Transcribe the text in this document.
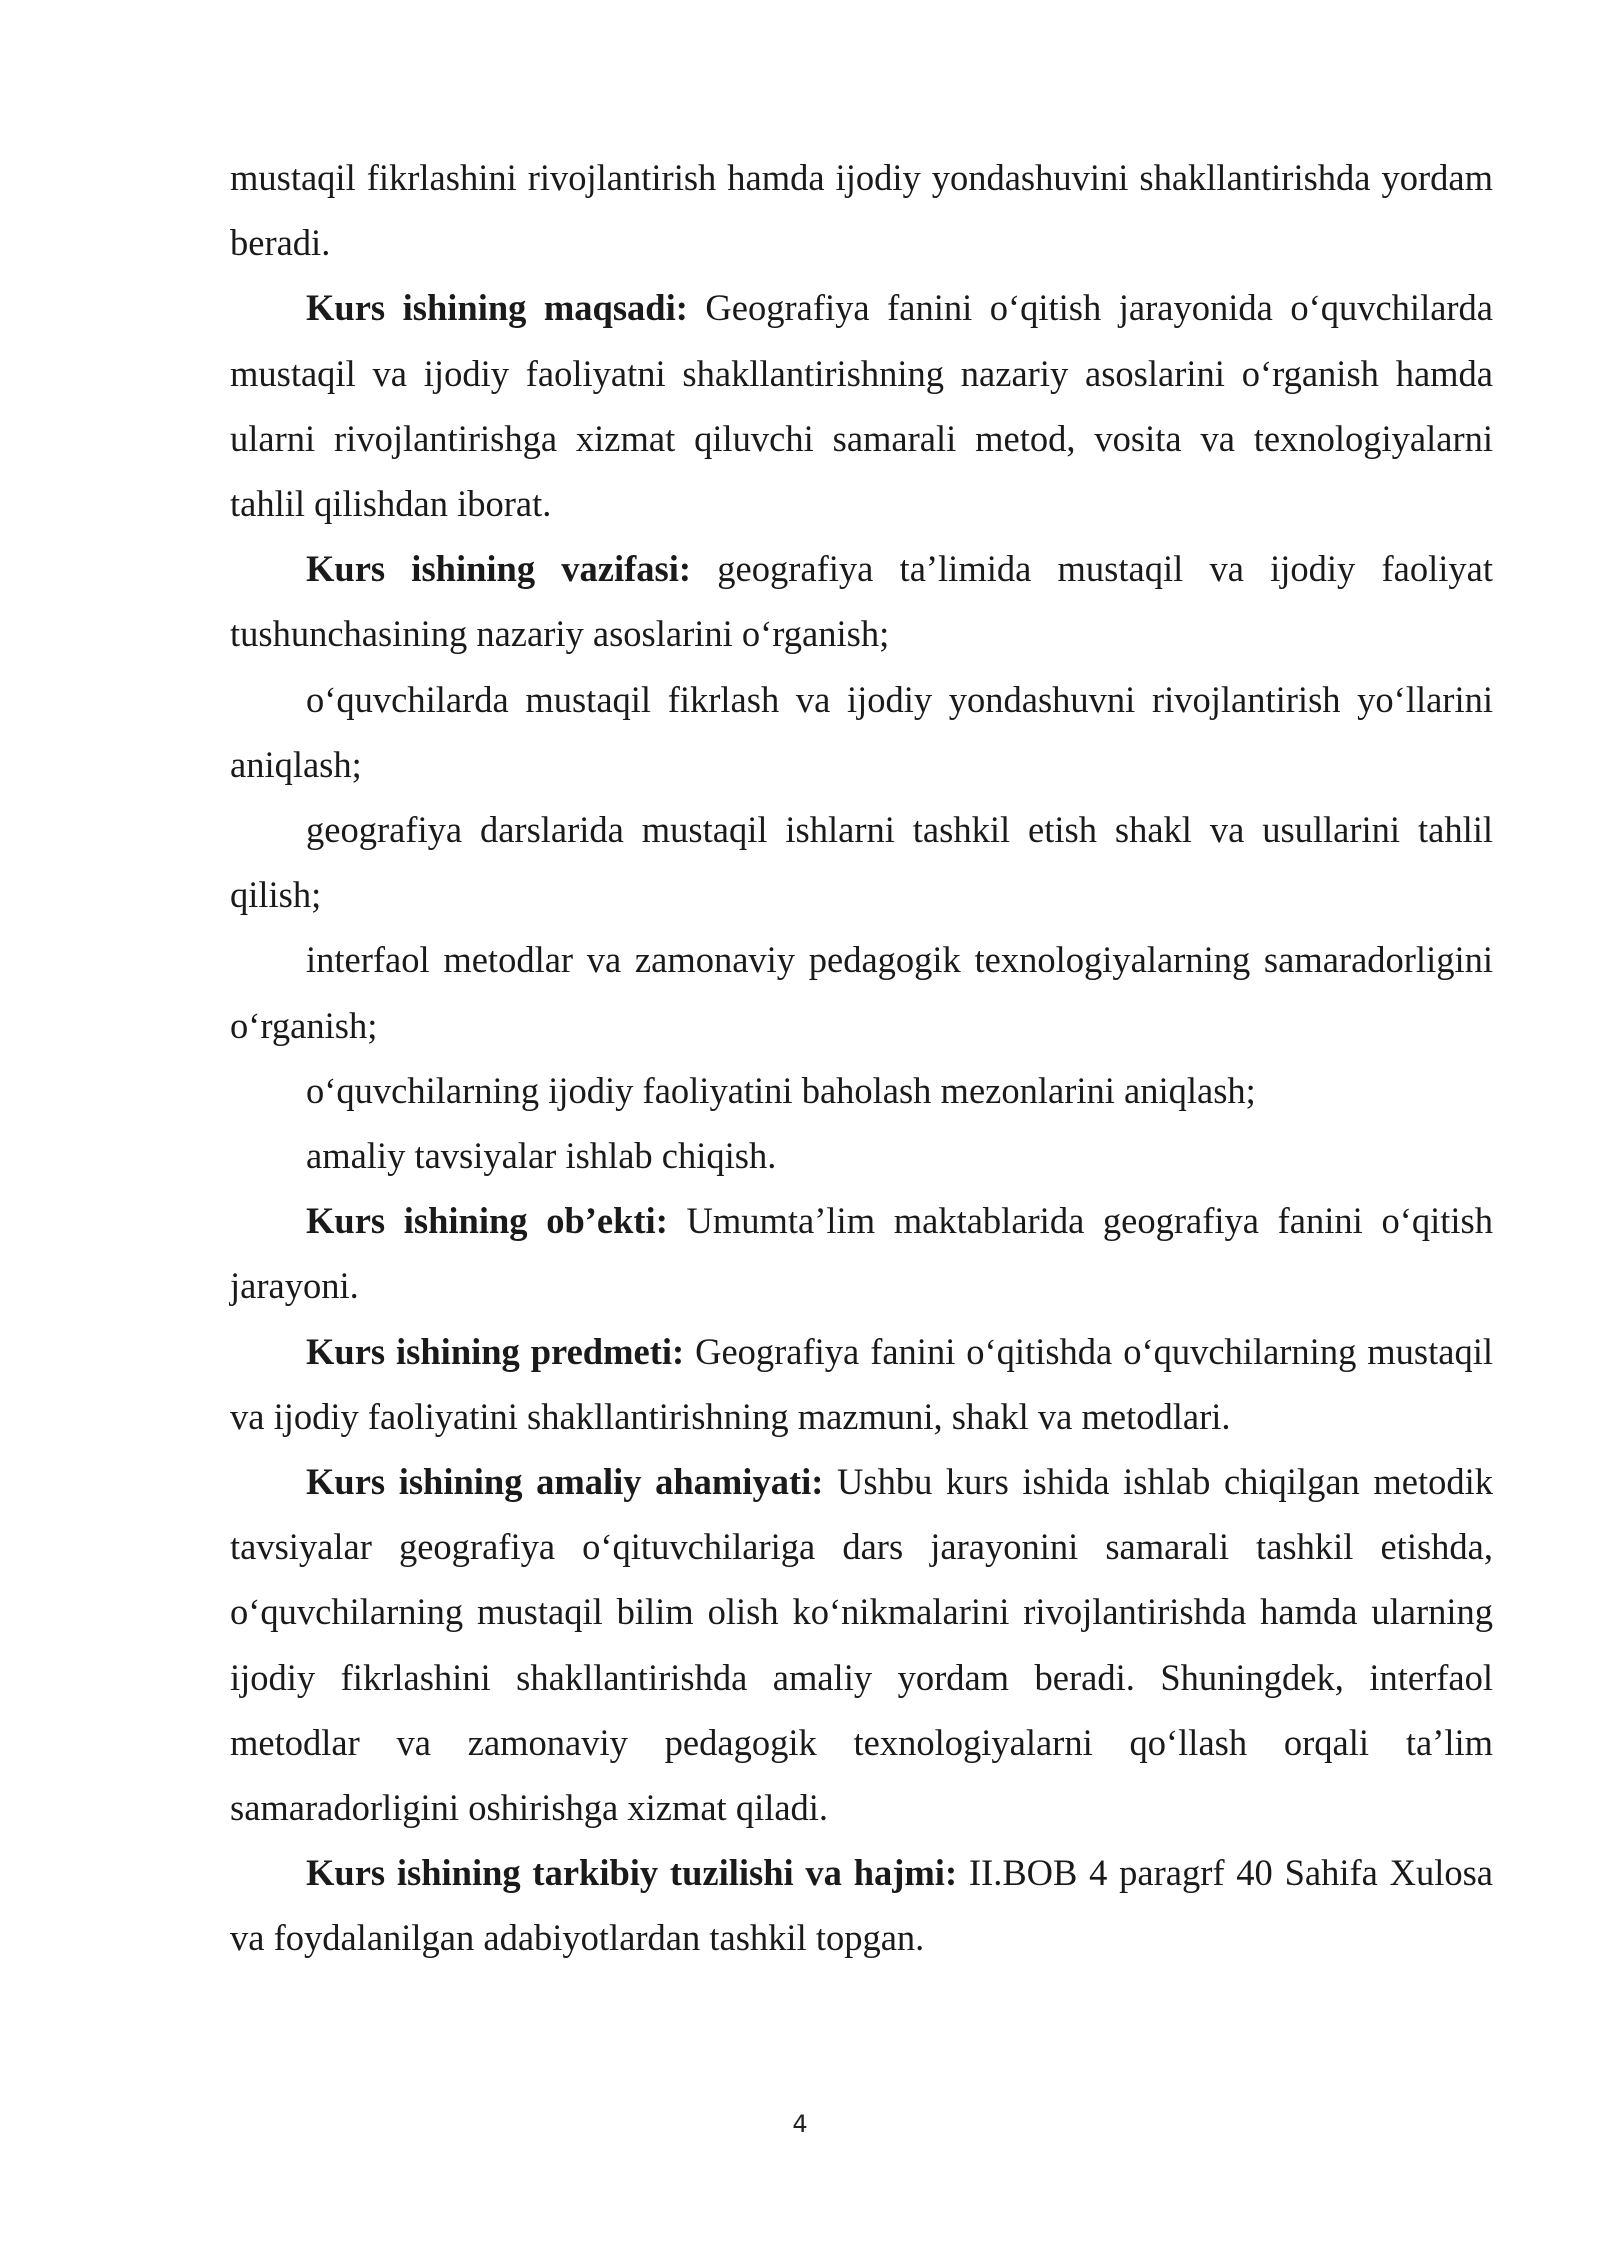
mustaqil fikrlashini rivojlantirish hamda ijodiy yondashuvini shakllantirishda yordam beradi.

Kurs ishining maqsadi: Geografiya fanini o‘qitish jarayonida o‘quvchilarda mustaqil va ijodiy faoliyatni shakllantirishning nazariy asoslarini o‘rganish hamda ularni rivojlantirishga xizmat qiluvchi samarali metod, vosita va texnologiyalarni tahlil qilishdan iborat.

Kurs ishining vazifasi: geografiya ta’limida mustaqil va ijodiy faoliyat tushunchasining nazariy asoslarini o‘rganish;

o‘quvchilarda mustaqil fikrlash va ijodiy yondashuvni rivojlantirish yo‘llarini aniqlash;

geografiya darslarida mustaqil ishlarni tashkil etish shakl va usullarini tahlil qilish;

interfaol metodlar va zamonaviy pedagogik texnologiyalarning samaradorligini o‘rganish;

o‘quvchilarning ijodiy faoliyatini baholash mezonlarini aniqlash;

amaliy tavsiyalar ishlab chiqish.

Kurs ishining ob’ekti: Umumta’lim maktablarida geografiya fanini o‘qitish jarayoni.

Kurs ishining predmeti: Geografiya fanini o‘qitishda o‘quvchilarning mustaqil va ijodiy faoliyatini shakllantirishning mazmuni, shakl va metodlari.

Kurs ishining amaliy ahamiyati: Ushbu kurs ishida ishlab chiqilgan metodik tavsiyalar geografiya o‘qituvchilariga dars jarayonini samarali tashkil etishda, o‘quvchilarning mustaqil bilim olish ko‘nikmalarini rivojlantirishda hamda ularning ijodiy fikrlashini shakllantirishda amaliy yordam beradi. Shuningdek, interfaol metodlar va zamonaviy pedagogik texnologiyalarni qo‘llash orqali ta’lim samaradorligini oshirishga xizmat qiladi.

Kurs ishining tarkibiy tuzilishi va hajmi: II.BOB 4 paragrf 40 Sahifa Xulosa va foydalanilgan adabiyotlardan tashkil topgan.

4
